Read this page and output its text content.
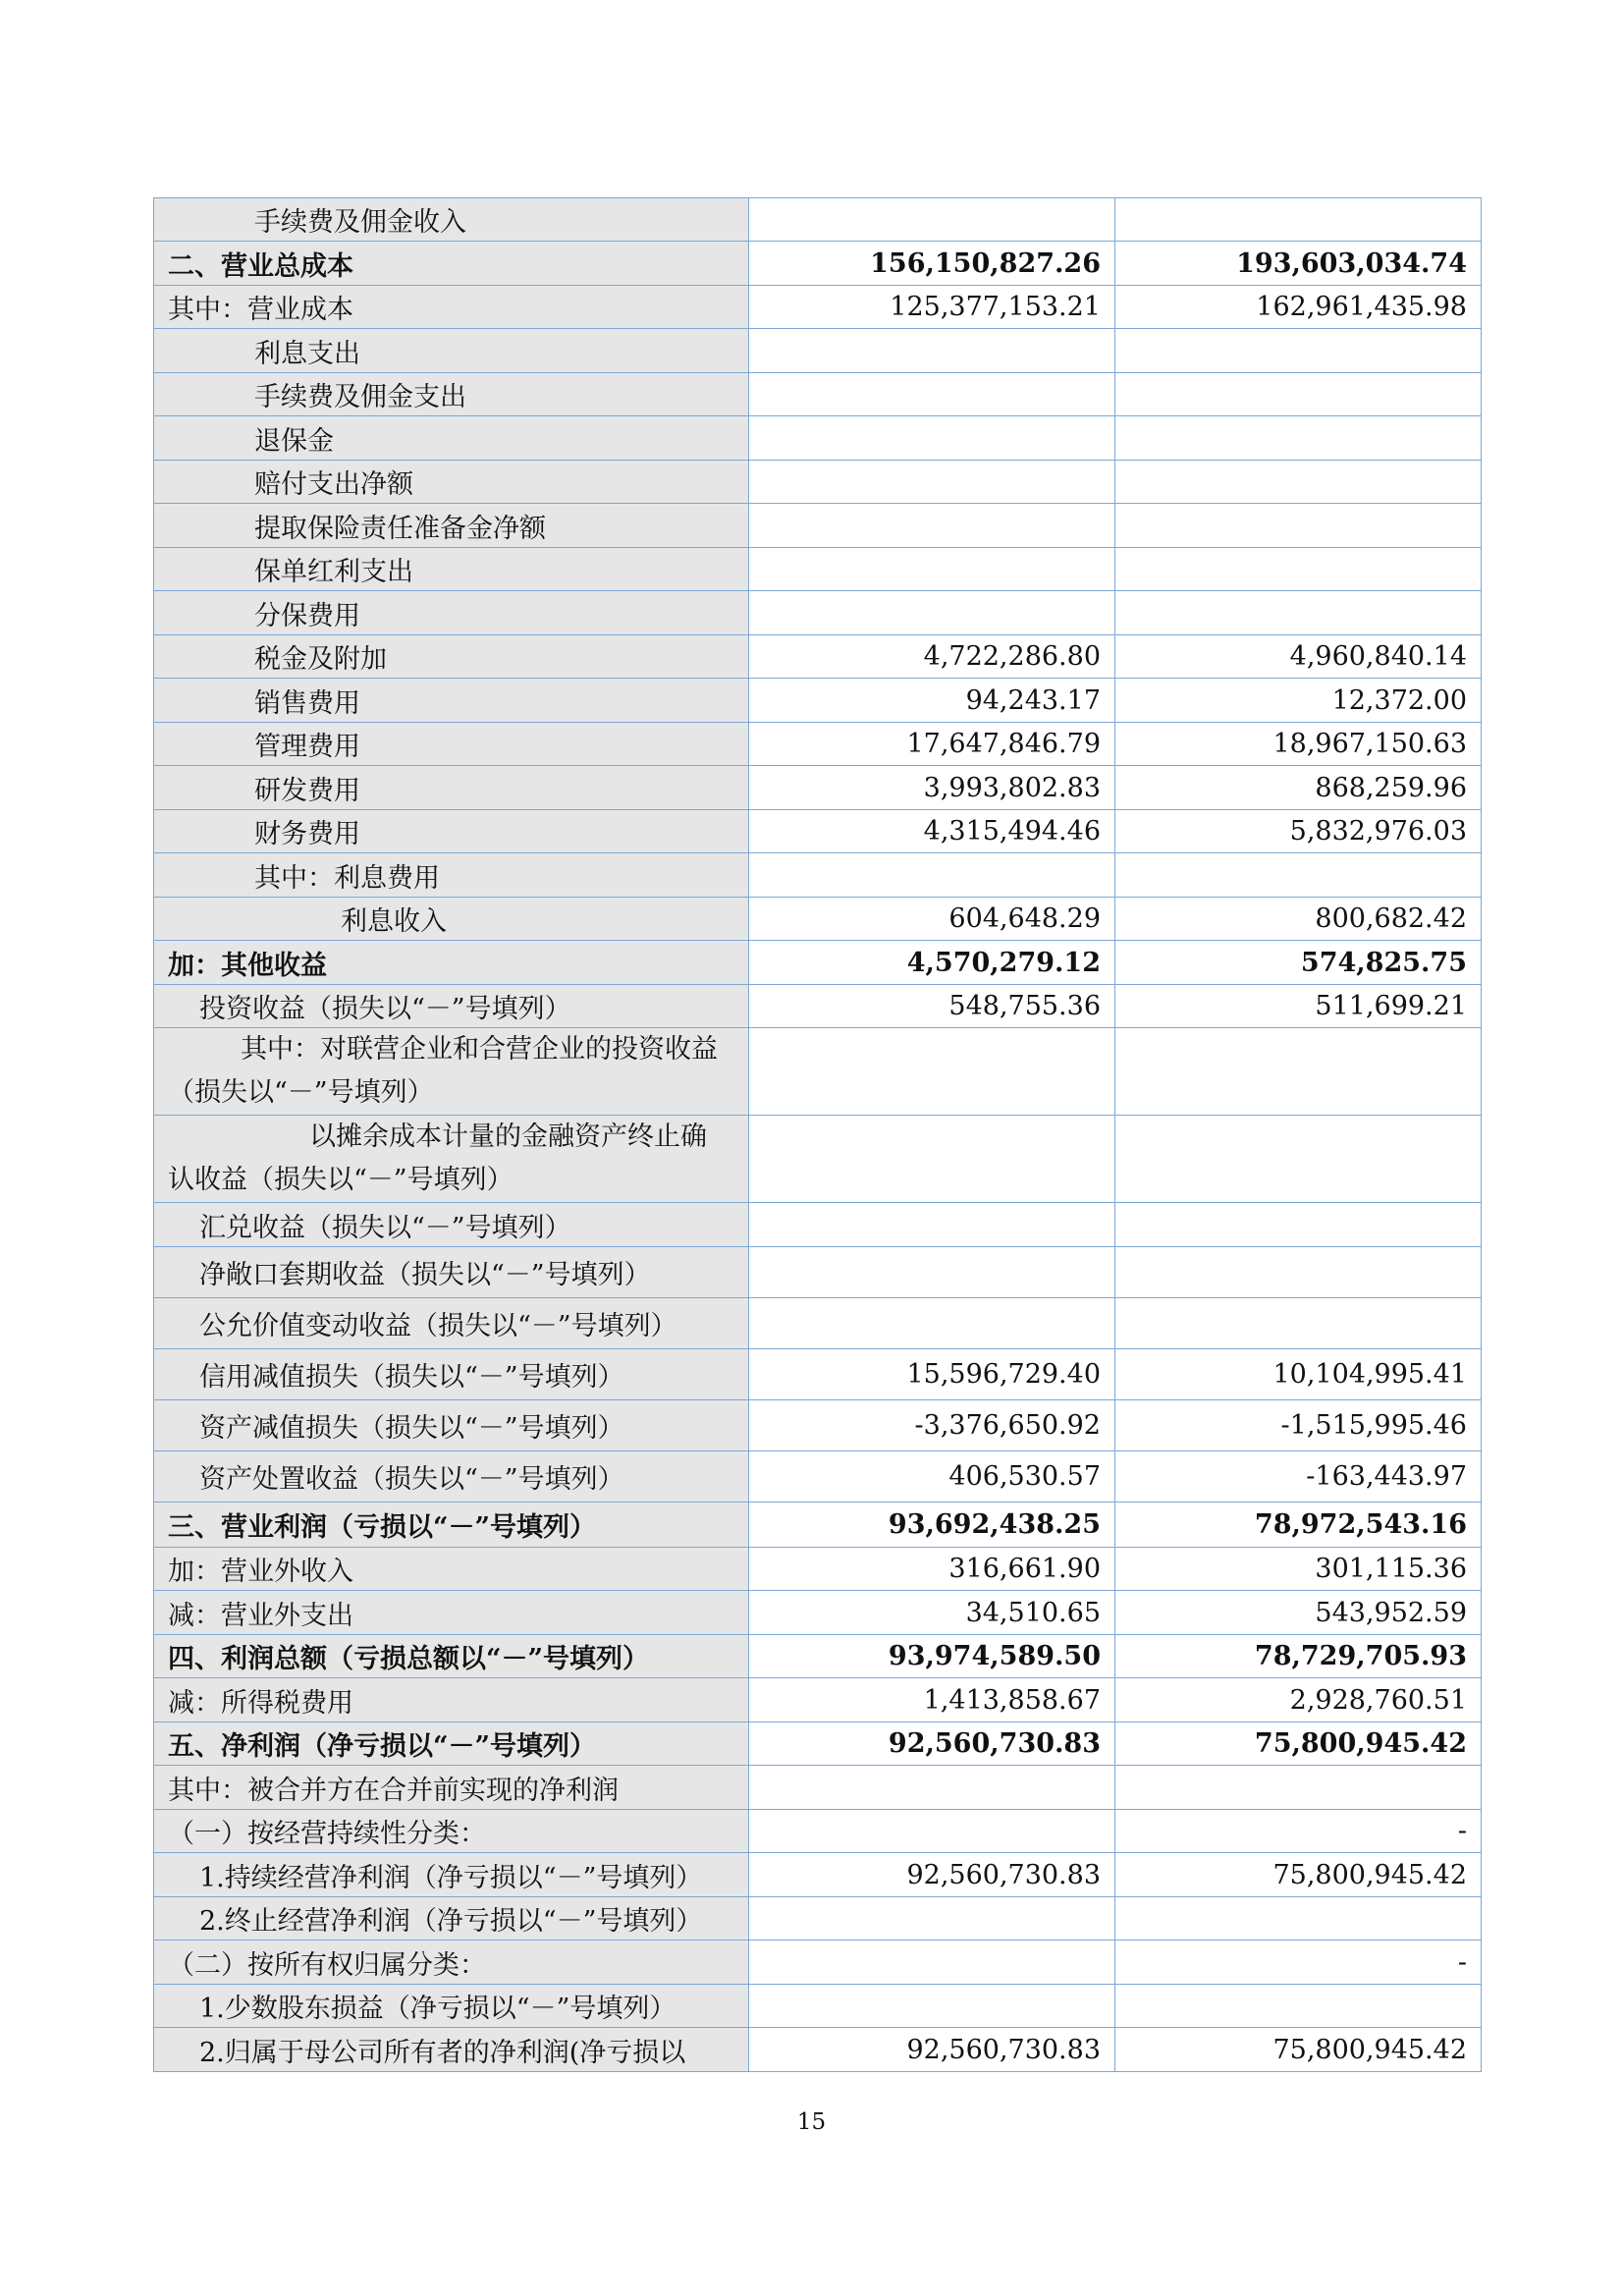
手续费及佣金收入		
二、营业总成本	156,150,827.26	193,603,034.74
其中：营业成本	125,377,153.21	162,961,435.98
利息支出		
手续费及佣金支出		
退保金		
赔付支出净额		
提取保险责任准备金净额		
保单红利支出		
分保费用		
税金及附加	4,722,286.80	4,960,840.14
销售费用	94,243.17	12,372.00
管理费用	17,647,846.79	18,967,150.63
研发费用	3,993,802.83	868,259.96
财务费用	4,315,494.46	5,832,976.03
其中：利息费用		
利息收入	604,648.29	800,682.42
加：其他收益	4,570,279.12	574,825.75
投资收益（损失以“－”号填列）	548,755.36	511,699.21

其中：对联营企业和合营企业的投资收益
（损失以“－”号填列）		

以摊余成本计量的金融资产终止确
认收益（损失以“－”号填列）		

汇兑收益（损失以“－”号填列）		
净敞口套期收益（损失以“－”号填列）		
公允价值变动收益（损失以“－”号填列）		
信用减值损失（损失以“－”号填列）	15,596,729.40	10,104,995.41
资产减值损失（损失以“－”号填列）	-3,376,650.92	-1,515,995.46
资产处置收益（损失以“－”号填列）	406,530.57	-163,443.97
三、营业利润（亏损以“－”号填列）	93,692,438.25	78,972,543.16
加：营业外收入	316,661.90	301,115.36
减：营业外支出	34,510.65	543,952.59
四、利润总额（亏损总额以“－”号填列）	93,974,589.50	78,729,705.93
减：所得税费用	1,413,858.67	2,928,760.51
五、净利润（净亏损以“－”号填列）	92,560,730.83	75,800,945.42
其中：被合并方在合并前实现的净利润		
（一）按经营持续性分类：		-
1.持续经营净利润（净亏损以“－”号填列）	92,560,730.83	75,800,945.42
2.终止经营净利润（净亏损以“－”号填列）		
（二）按所有权归属分类：		-
1.少数股东损益（净亏损以“－”号填列）		
2.归属于母公司所有者的净利润(净亏损以	92,560,730.83	75,800,945.42
15
